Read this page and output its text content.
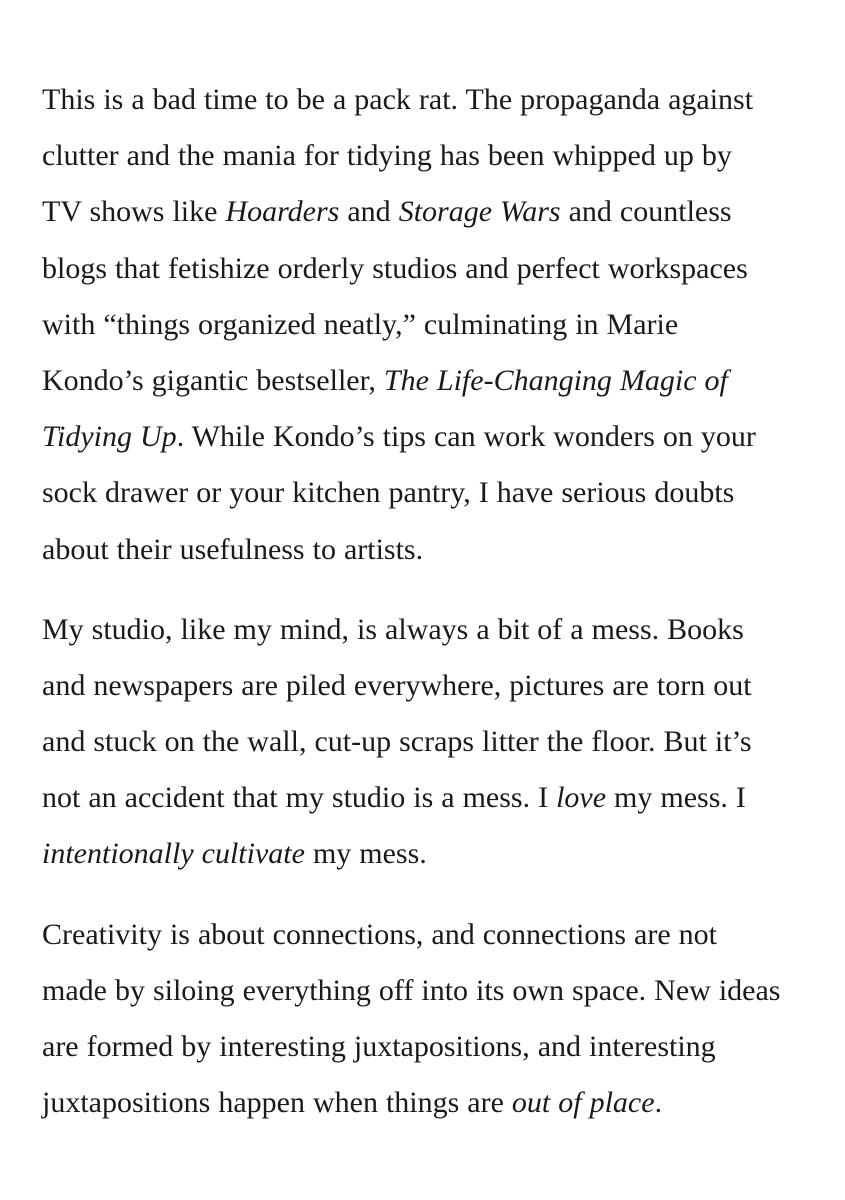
This is a bad time to be a pack rat. The propaganda against
clutter and the mania for tidying has been whipped up by
TV shows like Hoarders and Storage Wars and countless
blogs that fetishize orderly studios and perfect workspaces
with “things organized neatly,” culminating in Marie
Kondo’s gigantic bestseller, The Life-Changing Magic of
Tidying Up. While Kondo’s tips can work wonders on your
sock drawer or your kitchen pantry, I have serious doubts
about their usefulness to artists.

My studio, like my mind, is always a bit of a mess. Books
and newspapers are piled everywhere, pictures are torn out
and stuck on the wall, cut-up scraps litter the floor. But it’s
not an accident that my studio is a mess. I love my mess. I
intentionally cultivate my mess.

Creativity is about connections, and connections are not
made by siloing everything off into its own space. New ideas
are formed by interesting juxtapositions, and interesting
juxtapositions happen when things are out of place.
